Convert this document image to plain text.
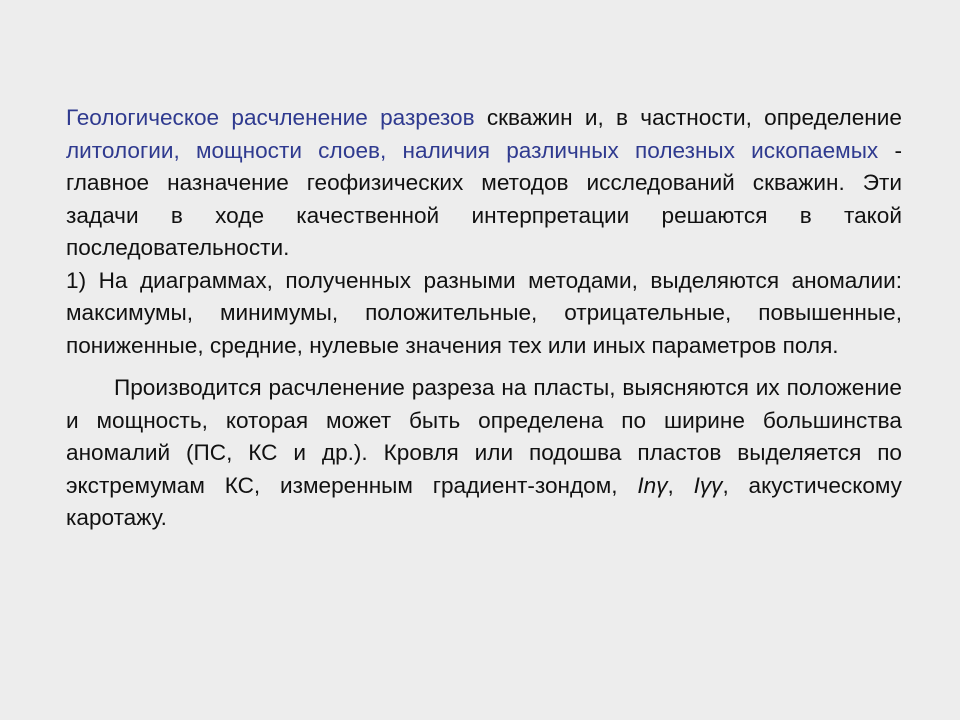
Геологическое расчленение разрезов скважин и, в частности, определение литологии, мощности слоев, наличия различных полезных ископаемых - главное назначение геофизических методов исследований скважин. Эти задачи в ходе качественной интерпретации решаются в такой последовательности.

1) На диаграммах, полученных разными методами, выделяются аномалии: максимумы, минимумы, положительные, отрицательные, повышенные, пониженные, средние, нулевые значения тех или иных параметров поля.

Производится расчленение разреза на пласты, выясняются их положение и мощность, которая может быть определена по ширине большинства аномалий (ПС, КС и др.). Кровля или подошва пластов выделяется по экстремумам КС, измеренным градиент-зондом, Inγ, Iγγ, акустическому каротажу.
